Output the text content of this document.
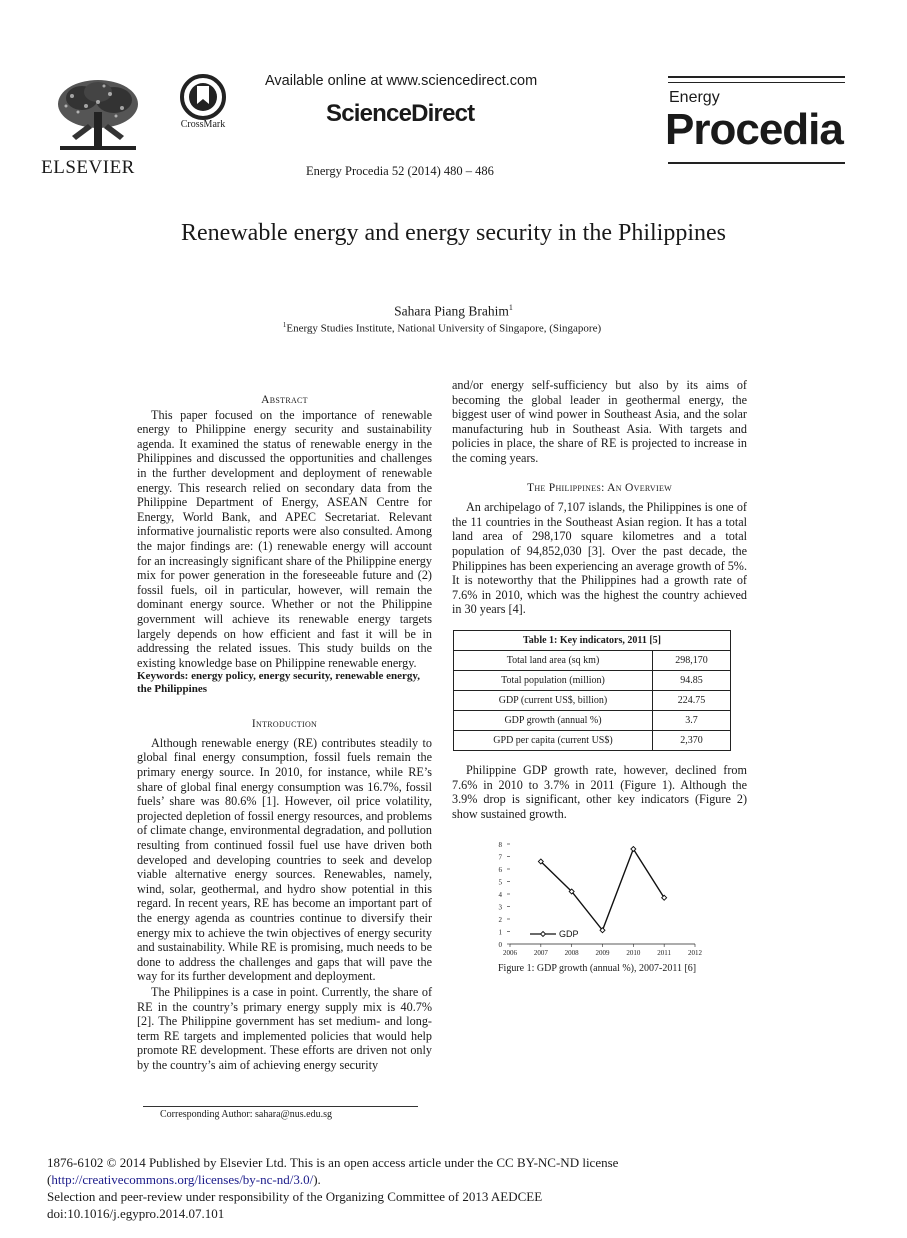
ELSEVIER
CrossMark
Available online at www.sciencedirect.com
ScienceDirect
Energy Procedia 52 (2014) 480 – 486
Energy
Procedia
Renewable energy and energy security in the Philippines
Sahara Piang Brahim$^1$
$^1$Energy Studies Institute, National University of Singapore, (Singapore)
Abstract

This paper focused on the importance of renewable energy to Philippine energy security and sustainability agenda. It examined the status of renewable energy in the Philippines and discussed the opportunities and challenges in the further development and deployment of renewable energy. This research relied on secondary data from the Philippine Department of Energy, ASEAN Centre for Energy, World Bank, and APEC Secretariat. Relevant informative journalistic reports were also consulted. Among the major findings are: (1) renewable energy will account for an increasingly significant share of the Philippine energy mix for power generation in the foreseeable future and (2) fossil fuels, oil in particular, however, will remain the dominant energy source. Whether or not the Philippine government will achieve its renewable energy targets largely depends on how efficient and fast it will be in addressing the related issues. This study builds on the existing knowledge base on Philippine renewable energy.

Keywords: energy policy, energy security, renewable energy, the Philippines
Introduction

Although renewable energy (RE) contributes steadily to global final energy consumption, fossil fuels remain the primary energy source. In 2010, for instance, while RE’s share of global final energy consumption was 16.7%, fossil fuels’ share was 80.6% [1]. However, oil price volatility, projected depletion of fossil energy resources, and problems of climate change, environmental degradation, and pollution resulting from continued fossil fuel use have driven both developed and developing countries to seek and develop viable alternative energy sources. Renewables, namely, wind, solar, geothermal, and hydro show potential in this regard. In recent years, RE has become an important part of the energy agenda as countries continue to diversify their energy mix to achieve the twin objectives of energy security and sustainability. While RE is promising, much needs to be done to address the challenges and gaps that will pave the way for its further development and deployment.

The Philippines is a case in point. Currently, the share of RE in the country’s primary energy supply mix is 40.7% [2]. The Philippine government has set medium- and long-term RE targets and implemented policies that would help promote RE development. These efforts are driven not only by the country’s aim of achieving energy security

and/or energy self-sufficiency but also by its aims of becoming the global leader in geothermal energy, the biggest user of wind power in Southeast Asia, and the solar manufacturing hub in Southeast Asia. With targets and policies in place, the share of RE is projected to increase in the coming years.

The Philippines: An Overview

An archipelago of 7,107 islands, the Philippines is one of the 11 countries in the Southeast Asian region. It has a total land area of 298,170 square kilometres and a total population of 94,852,030 [3]. Over the past decade, the Philippines has been experiencing an average growth of 5%. It is noteworthy that the Philippines had a growth rate of 7.6% in 2010, which was the highest the country achieved in 30 years [4].

Table 1: Key indicators, 2011 [5]	
Total land area (sq km)	298,170
Total population (million)	94.85
GDP (current US$, billion)	224.75
GDP growth (annual %)	3.7
GPD per capita (current US$)	2,370

Philippine GDP growth rate, however, declined from 7.6% in 2010 to 3.7% in 2011 (Figure 1). Although the 3.9% drop is significant, other key indicators (Figure 2) show sustained growth.

0
1
2
3
4
5
6
7
8
2006 2007 2008 2009 2010 2011 2012
GDP
Figure 1: GDP growth (annual %), 2007-2011 [6]
Corresponding Author: sahara@nus.edu.sg
1876-6102 © 2014 Published by Elsevier Ltd. This is an open access article under the CC BY-NC-ND license
(http://creativecommons.org/licenses/by-nc-nd/3.0/).
Selection and peer-review under responsibility of the Organizing Committee of 2013 AEDCEE
doi:10.1016/j.egypro.2014.07.101
